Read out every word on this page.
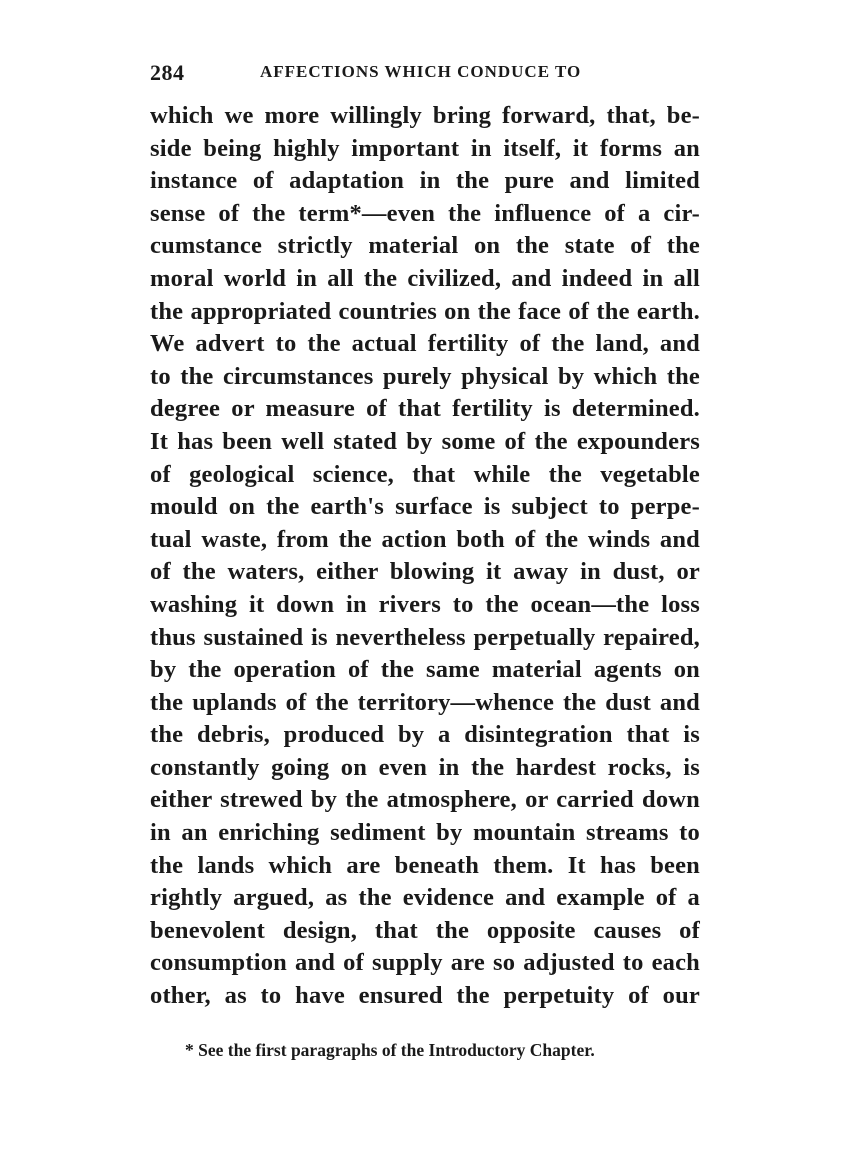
284	AFFECTIONS WHICH CONDUCE TO
which we more willingly bring forward, that, be-
side being highly important in itself, it forms an
instance of adaptation in the pure and limited
sense of the term*—even the influence of a cir-
cumstance strictly material on the state of the
moral world in all the civilized, and indeed in all
the appropriated countries on the face of the earth.
We advert to the actual fertility of the land, and
to the circumstances purely physical by which the
degree or measure of that fertility is determined.
It has been well stated by some of the expounders
of geological science, that while the vegetable
mould on the earth's surface is subject to perpe-
tual waste, from the action both of the winds and
of the waters, either blowing it away in dust, or
washing it down in rivers to the ocean—the loss
thus sustained is nevertheless perpetually repaired,
by the operation of the same material agents on
the uplands of the territory—whence the dust and
the debris, produced by a disintegration that is
constantly going on even in the hardest rocks, is
either strewed by the atmosphere, or carried down
in an enriching sediment by mountain streams to
the lands which are beneath them. It has been
rightly argued, as the evidence and example of a
benevolent design, that the opposite causes of
consumption and of supply are so adjusted to each
other, as to have ensured the perpetuity of our
* See the first paragraphs of the Introductory Chapter.
